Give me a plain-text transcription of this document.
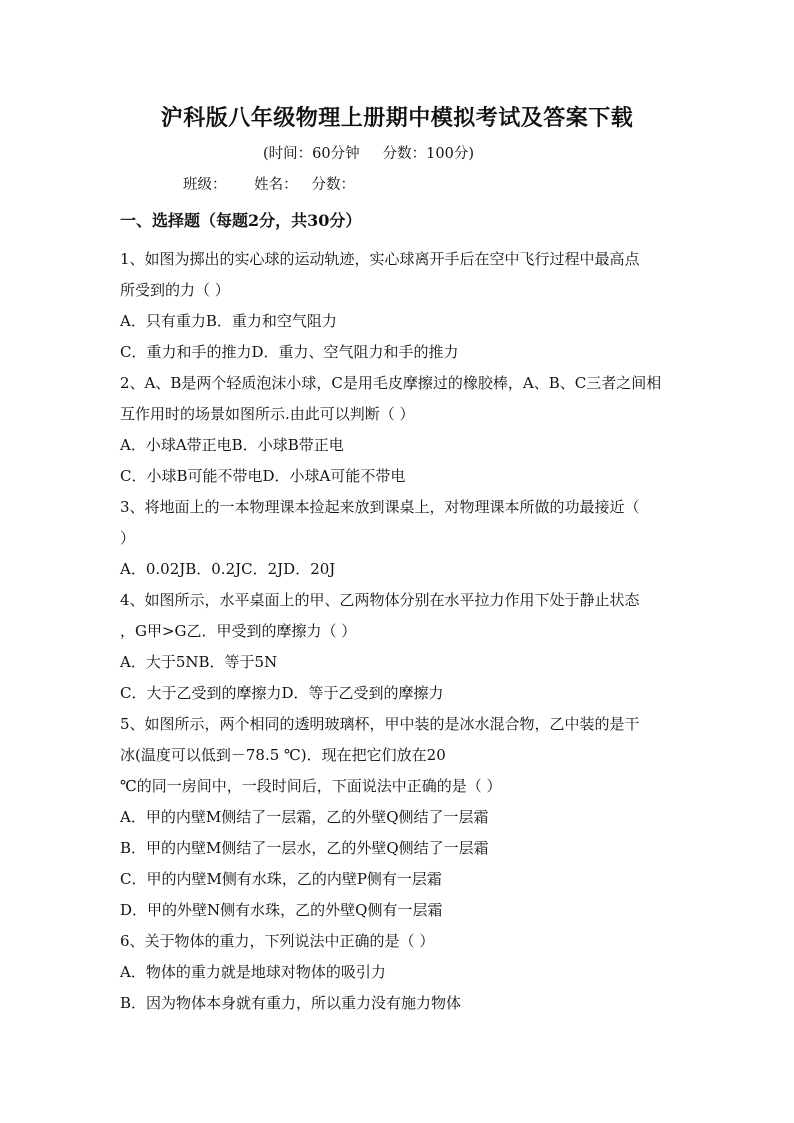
沪科版八年级物理上册期中模拟考试及答案下载
(时间：60分钟     分数：100分)
班级：      姓名：   分数：
一、选择题（每题2分，共30分）
1、如图为掷出的实心球的运动轨迹，实心球离开手后在空中飞行过程中最高点
所受到的力（ ）
A．只有重力B．重力和空气阻力
C．重力和手的推力D．重力、空气阻力和手的推力
2、A、B是两个轻质泡沫小球，C是用毛皮摩擦过的橡胶棒，A、B、C三者之间相
互作用时的场景如图所示.由此可以判断（ ）
A．小球A带正电B．小球B带正电
C．小球B可能不带电D．小球A可能不带电
3、将地面上的一本物理课本捡起来放到课桌上，对物理课本所做的功最接近（
）
A．0.02JB．0.2JC．2JD．20J
4、如图所示，水平桌面上的甲、乙两物体分别在水平拉力作用下处于静止状态
，G甲>G乙．甲受到的摩擦力（ ）
A．大于5NB．等于5N
C．大于乙受到的摩擦力D．等于乙受到的摩擦力
5、如图所示，两个相同的透明玻璃杯，甲中装的是冰水混合物，乙中装的是干
冰(温度可以低到－78.5 ℃)．现在把它们放在20
℃的同一房间中，一段时间后，下面说法中正确的是（ ）
A．甲的内壁M侧结了一层霜，乙的外壁Q侧结了一层霜
B．甲的内壁M侧结了一层水，乙的外壁Q侧结了一层霜
C．甲的内壁M侧有水珠，乙的内壁P侧有一层霜
D．甲的外壁N侧有水珠，乙的外壁Q侧有一层霜
6、关于物体的重力，下列说法中正确的是（ ）
A．物体的重力就是地球对物体的吸引力
B．因为物体本身就有重力，所以重力没有施力物体
